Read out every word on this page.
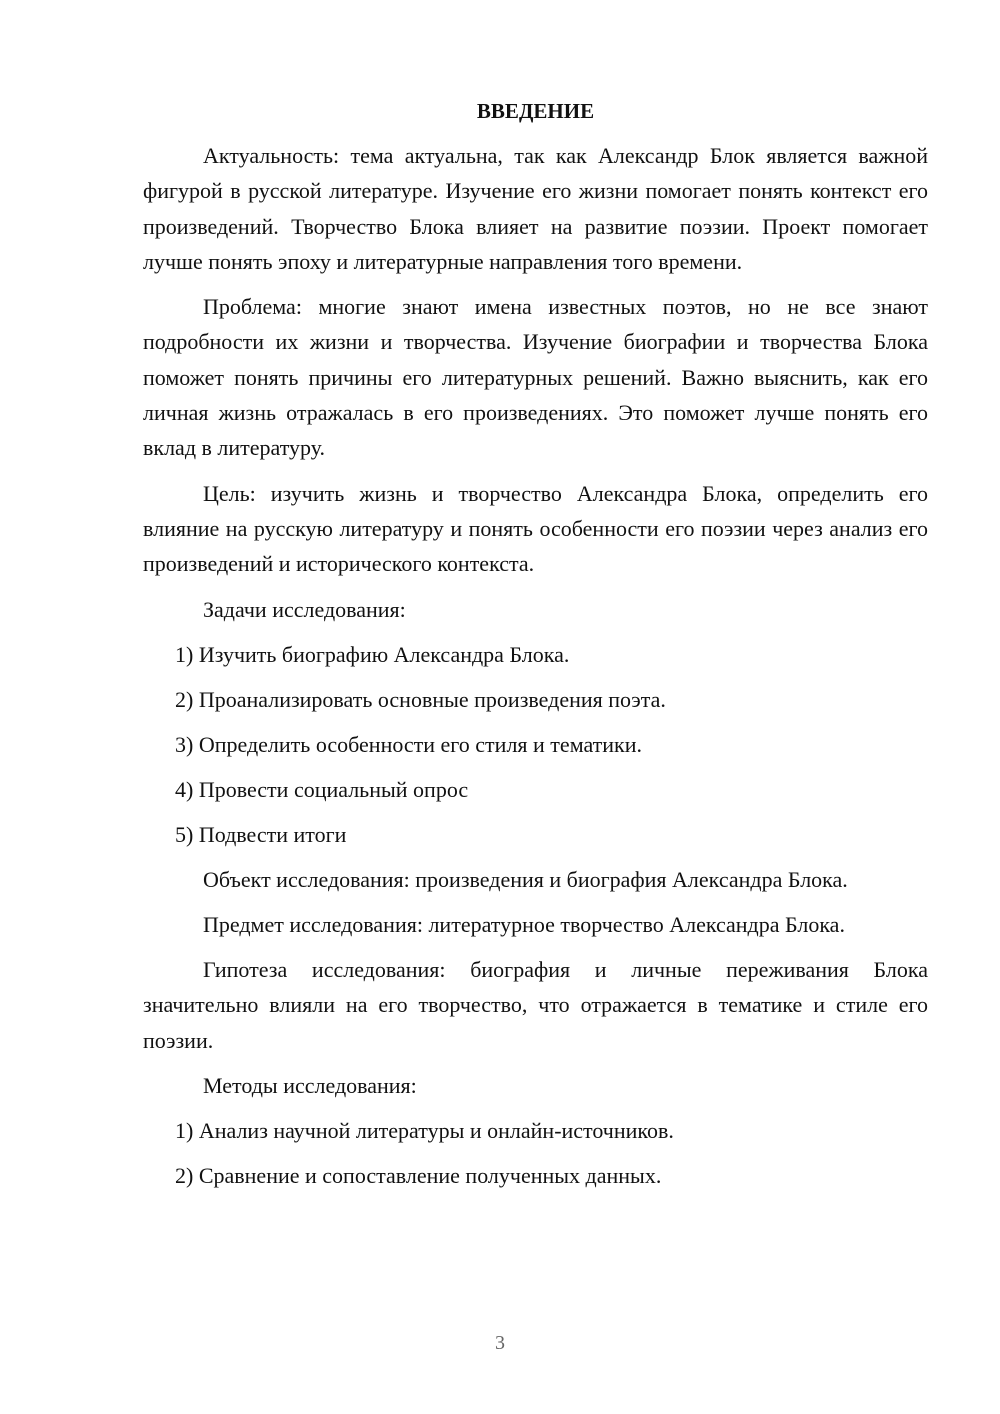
ВВЕДЕНИЕ

Актуальность: тема актуальна, так как Александр Блок является важной фигурой в русской литературе. Изучение его жизни помогает понять контекст его произведений. Творчество Блока влияет на развитие поэзии. Проект помогает лучше понять эпоху и литературные направления того времени.

Проблема: многие знают имена известных поэтов, но не все знают подробности их жизни и творчества. Изучение биографии и творчества Блока поможет понять причины его литературных решений. Важно выяснить, как его личная жизнь отражалась в его произведениях. Это поможет лучше понять его вклад в литературу.

Цель: изучить жизнь и творчество Александра Блока, определить его влияние на русскую литературу и понять особенности его поэзии через анализ его произведений и исторического контекста.

Задачи исследования:

1) Изучить биографию Александра Блока.

2) Проанализировать основные произведения поэта.

3) Определить особенности его стиля и тематики.

4) Провести социальный опрос

5) Подвести итоги

Объект исследования: произведения и биография Александра Блока.

Предмет исследования: литературное творчество Александра Блока.

Гипотеза исследования: биография и личные переживания Блока значительно влияли на его творчество, что отражается в тематике и стиле его поэзии.

Методы исследования:

1) Анализ научной литературы и онлайн-источников.

2) Сравнение и сопоставление полученных данных.

3
